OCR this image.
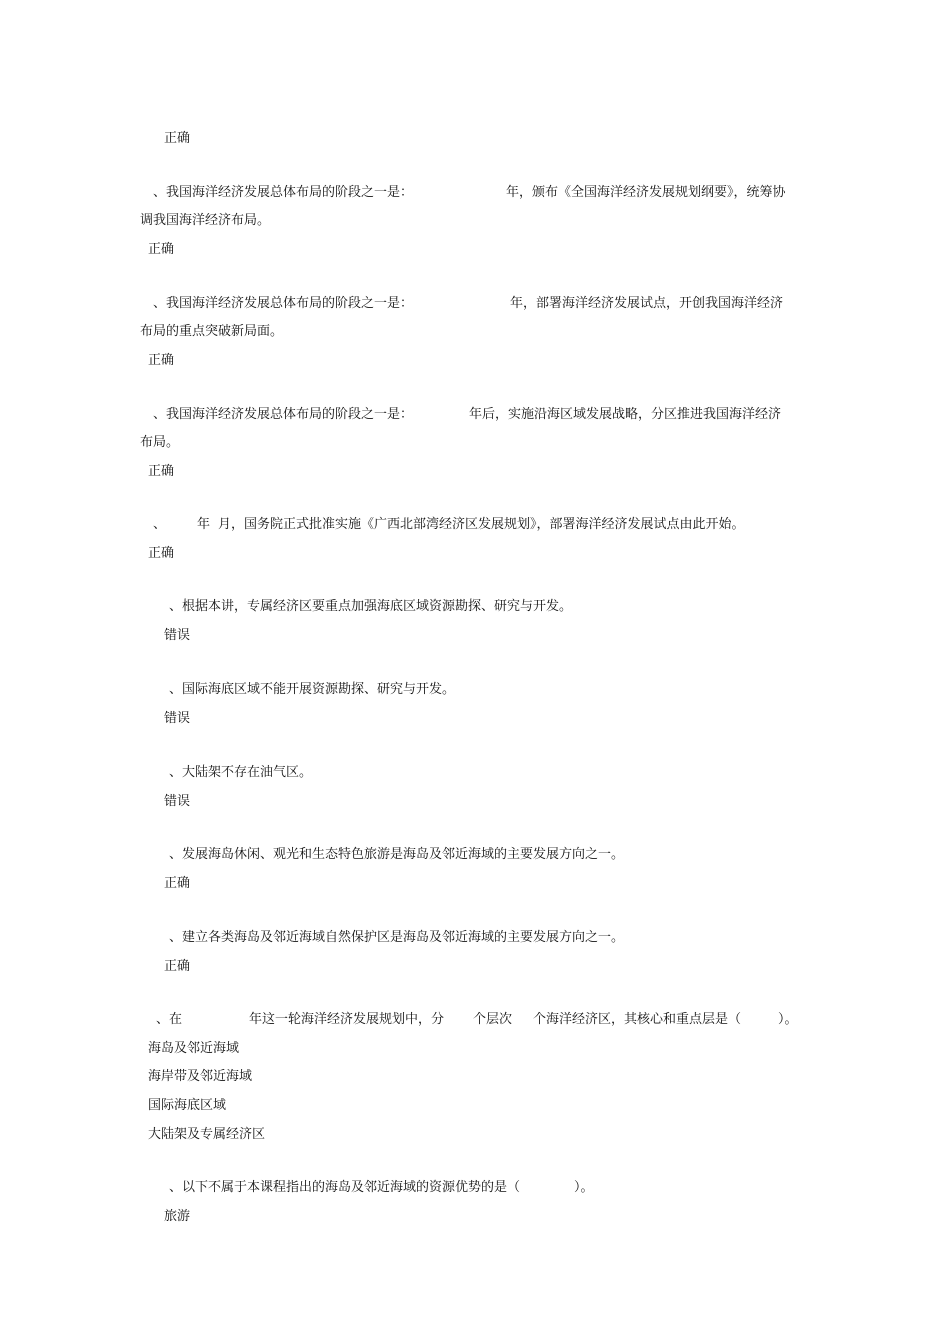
正确
、我国海洋经济发展总体布局的阶段之一是：	年，颁布《全国海洋经济发展规划纲要》，统筹协
调我国海洋经济布局。
正确
、我国海洋经济发展总体布局的阶段之一是：	年，部署海洋经济发展试点，开创我国海洋经济
布局的重点突破新局面。
正确
、我国海洋经济发展总体布局的阶段之一是：	年后，实施沿海区域发展战略，分区推进我国海洋经济
布局。
正确
、 年 月，国务院正式批准实施《广西北部湾经济区发展规划》，部署海洋经济发展试点由此开始。
正确
、根据本讲，专属经济区要重点加强海底区域资源勘探、研究与开发。
错误
、国际海底区域不能开展资源勘探、研究与开发。
错误
、大陆架不存在油气区。
错误
、发展海岛休闲、观光和生态特色旅游是海岛及邻近海域的主要发展方向之一。
正确
、建立各类海岛及邻近海域自然保护区是海岛及邻近海域的主要发展方向之一。
正确
、在	年这一轮海洋经济发展规划中，分 个层次 个海洋经济区，其核心和重点层是（	）。
海岛及邻近海域
海岸带及邻近海域
国际海底区域
大陆架及专属经济区
、以下不属于本课程指出的海岛及邻近海域的资源优势的是（	）。
旅游
